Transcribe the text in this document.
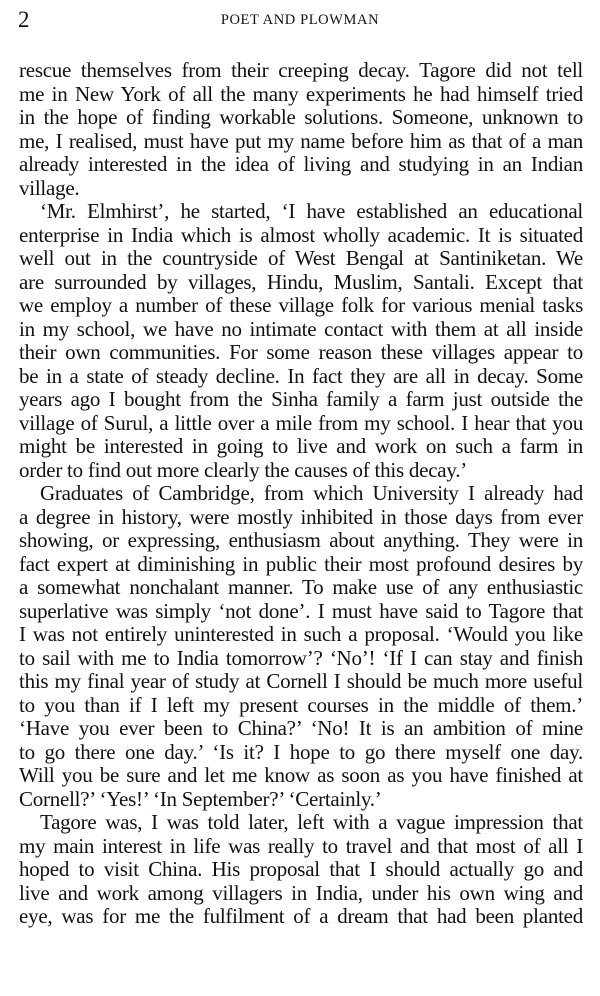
2	POET AND PLOWMAN
rescue themselves from their creeping decay. Tagore did not tell
me in New York of all the many experiments he had himself tried
in the hope of finding workable solutions. Someone, unknown to
me, I realised, must have put my name before him as that of a man
already interested in the idea of living and studying in an Indian
village.
‘Mr. Elmhirst’, he started, ‘I have established an educational
enterprise in India which is almost wholly academic. It is situated
well out in the countryside of West Bengal at Santiniketan. We
are surrounded by villages, Hindu, Muslim, Santali. Except that
we employ a number of these village folk for various menial tasks
in my school, we have no intimate contact with them at all inside
their own communities. For some reason these villages appear to
be in a state of steady decline. In fact they are all in decay. Some
years ago I bought from the Sinha family a farm just outside the
village of Surul, a little over a mile from my school. I hear that you
might be interested in going to live and work on such a farm in
order to find out more clearly the causes of this decay.’
Graduates of Cambridge, from which University I already had
a degree in history, were mostly inhibited in those days from ever
showing, or expressing, enthusiasm about anything. They were in
fact expert at diminishing in public their most profound desires by
a somewhat nonchalant manner. To make use of any enthusiastic
superlative was simply ‘not done’. I must have said to Tagore that
I was not entirely uninterested in such a proposal. ‘Would you like
to sail with me to India tomorrow’? ‘No’! ‘If I can stay and finish
this my final year of study at Cornell I should be much more useful
to you than if I left my present courses in the middle of them.’
‘Have you ever been to China?’ ‘No! It is an ambition of mine
to go there one day.’ ‘Is it? I hope to go there myself one day.
Will you be sure and let me know as soon as you have finished at
Cornell?’ ‘Yes!’ ‘In September?’ ‘Certainly.’
Tagore was, I was told later, left with a vague impression that
my main interest in life was really to travel and that most of all I
hoped to visit China. His proposal that I should actually go and
live and work among villagers in India, under his own wing and
eye, was for me the fulfilment of a dream that had been planted
